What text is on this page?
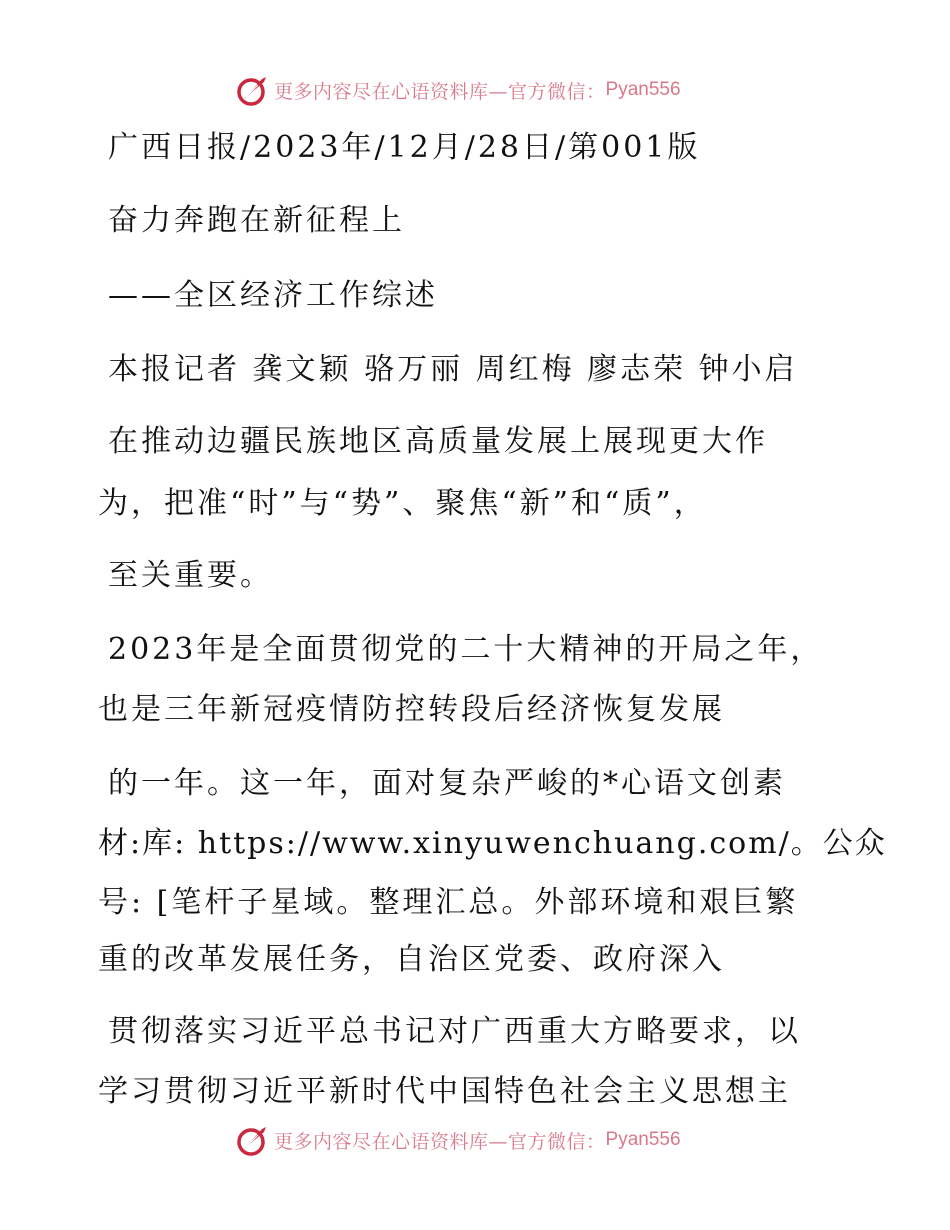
更多内容尽在心语资料库—官方微信： Pyan556

广西日报/2023年/12月/28日/第001版

奋力奔跑在新征程上

——全区经济工作综述

本报记者 龚文颖 骆万丽 周红梅 廖志荣 钟小启

在推动边疆民族地区高质量发展上展现更大作

为，把准“时”与“势”、聚焦“新”和“质”，

至关重要。

2023年是全面贯彻党的二十大精神的开局之年，

也是三年新冠疫情防控转段后经济恢复发展

的一年。这一年，面对复杂严峻的*心语文创素

材:库: https://www.xinyuwenchuang.com/。公众

号: [笔杆子星域。整理汇总。外部环境和艰巨繁

重的改革发展任务，自治区党委、政府深入

贯彻落实习近平总书记对广西重大方略要求，以

学习贯彻习近平新时代中国特色社会主义思想主

更多内容尽在心语资料库—官方微信： Pyan556
